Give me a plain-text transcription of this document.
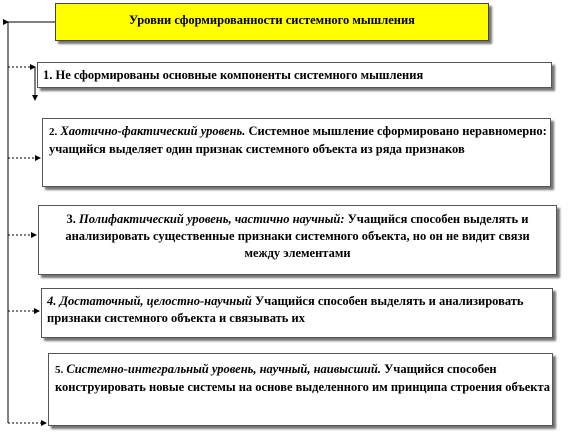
Уровни сформированности системного мышления
1. Не сформированы основные компоненты системного мышления
2. Хаотично-фактический уровень. Системное мышление сформировано неравномерно: учащийся выделяет один признак системного объекта из ряда признаков
3. Полифактический уровень, частично научный: Учащийся способен выделять и анализировать существенные признаки системного объекта, но он не видит связи между элементами
4. Достаточный, целостно-научный Учащийся способен выделять и анализировать признаки системного объекта и связывать их
5. Системно-интегральный уровень, научный, наивысший. Учащийся способен конструировать новые системы на основе выделенного им принципа строения объекта
